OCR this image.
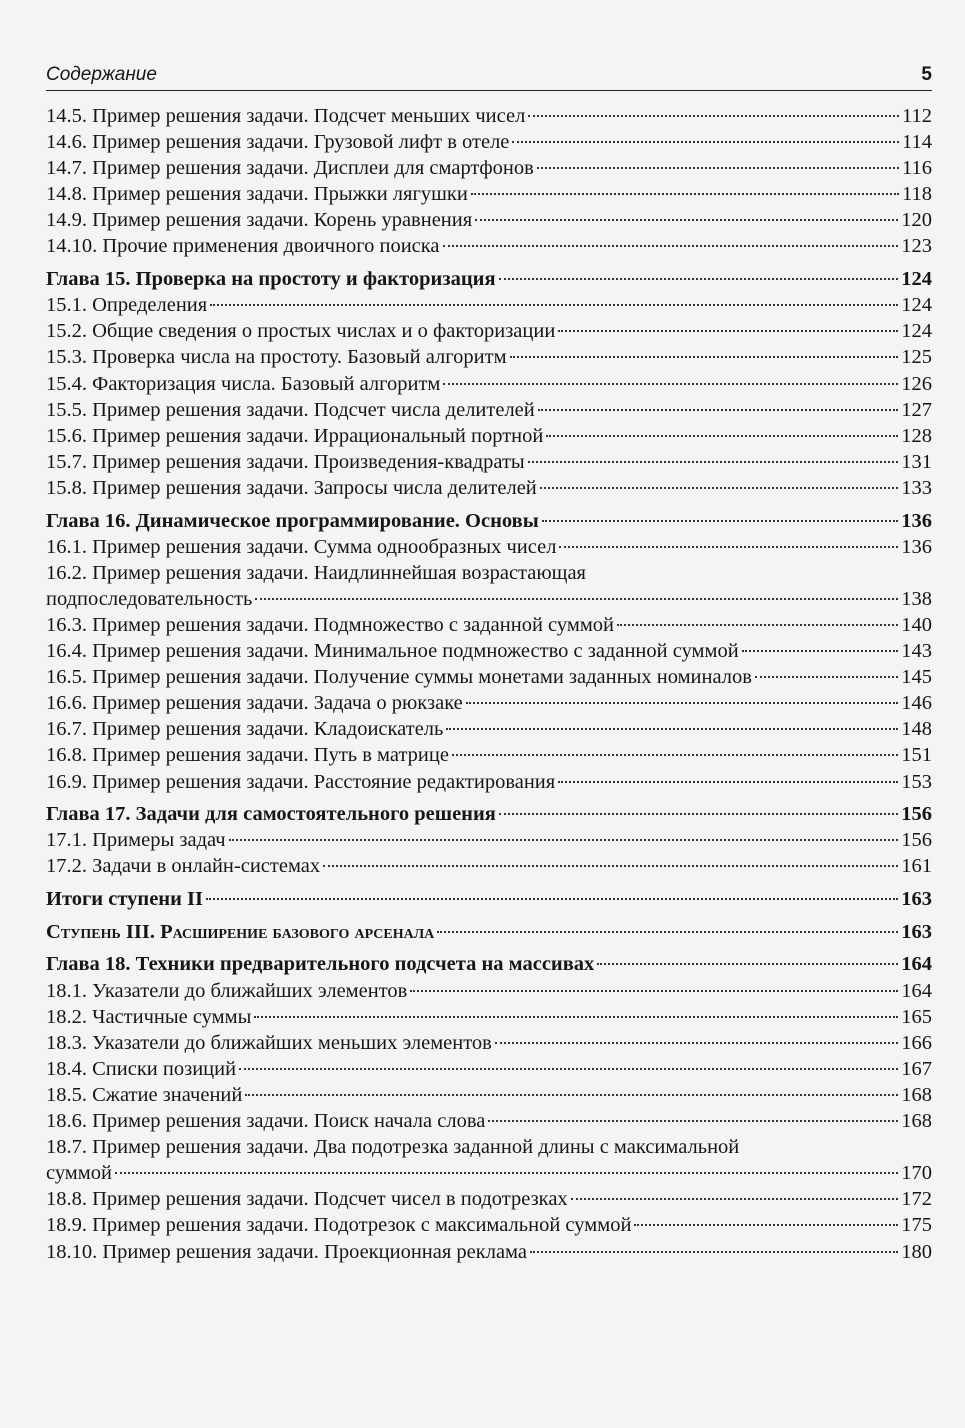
Содержание	5
14.5. Пример решения задачи. Подсчет меньших чисел	112
14.6. Пример решения задачи. Грузовой лифт в отеле	114
14.7. Пример решения задачи. Дисплеи для смартфонов	116
14.8. Пример решения задачи. Прыжки лягушки	118
14.9. Пример решения задачи. Корень уравнения	120
14.10. Прочие применения двоичного поиска	123
Глава 15. Проверка на простоту и факторизация	124
15.1. Определения	124
15.2. Общие сведения о простых числах и о факторизации	124
15.3. Проверка числа на простоту. Базовый алгоритм	125
15.4. Факторизация числа. Базовый алгоритм	126
15.5. Пример решения задачи. Подсчет числа делителей	127
15.6. Пример решения задачи. Иррациональный портной	128
15.7. Пример решения задачи. Произведения-квадраты	131
15.8. Пример решения задачи. Запросы числа делителей	133
Глава 16. Динамическое программирование. Основы	136
16.1. Пример решения задачи. Сумма однообразных чисел	136
16.2. Пример решения задачи. Наидлиннейшая возрастающая
подпоследовательность	138
16.3. Пример решения задачи. Подмножество с заданной суммой	140
16.4. Пример решения задачи. Минимальное подмножество с заданной суммой	143
16.5. Пример решения задачи. Получение суммы монетами заданных номиналов	145
16.6. Пример решения задачи. Задача о рюкзаке	146
16.7. Пример решения задачи. Кладоискатель	148
16.8. Пример решения задачи. Путь в матрице	151
16.9. Пример решения задачи. Расстояние редактирования	153
Глава 17. Задачи для самостоятельного решения	156
17.1. Примеры задач	156
17.2. Задачи в онлайн-системах	161
Итоги ступени II	163
Ступень III. Расширение базового арсенала	163
Глава 18. Техники предварительного подсчета на массивах	164
18.1. Указатели до ближайших элементов	164
18.2. Частичные суммы	165
18.3. Указатели до ближайших меньших элементов	166
18.4. Списки позиций	167
18.5. Сжатие значений	168
18.6. Пример решения задачи. Поиск начала слова	168
18.7. Пример решения задачи. Два подотрезка заданной длины с максимальной
суммой	170
18.8. Пример решения задачи. Подсчет чисел в подотрезках	172
18.9. Пример решения задачи. Подотрезок с максимальной суммой	175
18.10. Пример решения задачи. Проекционная реклама	180
